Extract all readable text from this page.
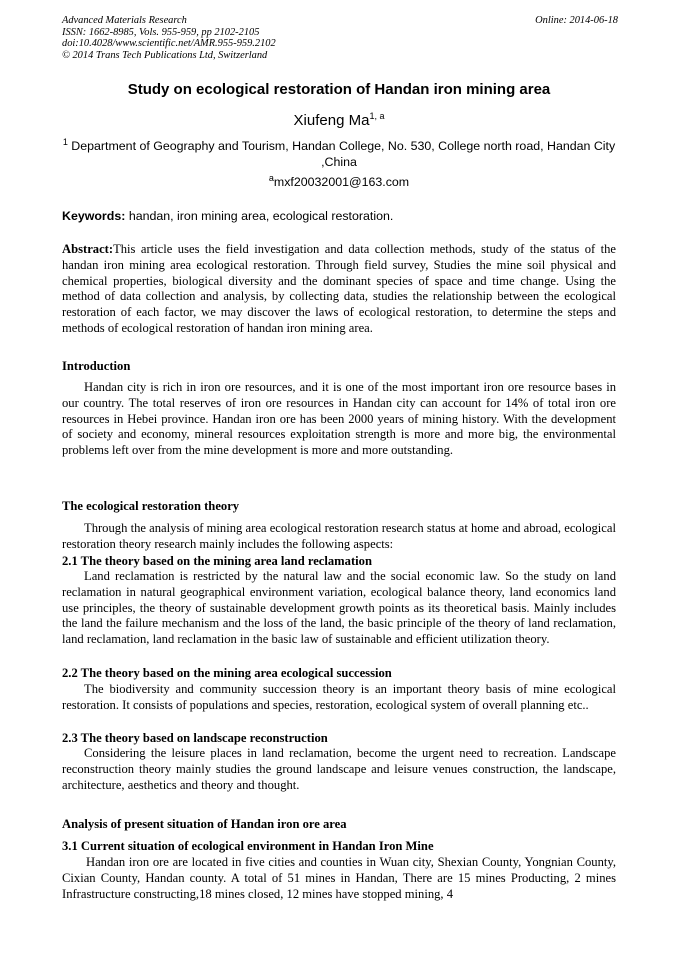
Advanced Materials Research
ISSN: 1662-8985, Vols. 955-959, pp 2102-2105
doi:10.4028/www.scientific.net/AMR.955-959.2102
© 2014 Trans Tech Publications Ltd, Switzerland
Online: 2014-06-18
Study on ecological restoration of Handan iron mining area
Xiufeng Ma$^{1, a}$
$^1$ Department of Geography and Tourism, Handan College, No. 530, College north road, Handan City ,China
$^a$mxf20032001@163.com
Keywords: handan, iron mining area, ecological restoration.
Abstract:This article uses the field investigation and data collection methods, study of the status of the handan iron mining area ecological restoration. Through field survey, Studies the mine soil physical and chemical properties, biological diversity and the dominant species of space and time change. Using the method of data collection and analysis, by collecting data, studies the relationship between the ecological restoration of each factor, we may discover the laws of ecological restoration, to determine the steps and methods of ecological restoration of handan iron mining area.
Introduction
Handan city is rich in iron ore resources, and it is one of the most important iron ore resource bases in our country. The total reserves of iron ore resources in Handan city can account for 14% of total iron ore resources in Hebei province. Handan iron ore has been 2000 years of mining history. With the development of society and economy, mineral resources exploitation strength is more and more big, the environmental problems left over from the mine development is more and more outstanding.
The ecological restoration theory
Through the analysis of mining area ecological restoration research status at home and abroad, ecological restoration theory research mainly includes the following aspects:
2.1 The theory based on the mining area land reclamation
Land reclamation is restricted by the natural law and the social economic law. So the study on land reclamation in natural geographical environment variation, ecological balance theory, land economics land use principles, the theory of sustainable development growth points as its theoretical basis. Mainly includes the land the failure mechanism and the loss of the land, the basic principle of the theory of land reclamation, land reclamation, land reclamation in the basic law of sustainable and efficient utilization theory.
2.2 The theory based on the mining area ecological succession
The biodiversity and community succession theory is an important theory basis of mine ecological restoration. It consists of populations and species, restoration, ecological system of overall planning etc..
2.3 The theory based on landscape reconstruction
Considering the leisure places in land reclamation, become the urgent need to recreation. Landscape reconstruction theory mainly studies the ground landscape and leisure venues construction, the landscape, architecture, aesthetics and theory and thought.
Analysis of present situation of Handan iron ore area
3.1 Current situation of ecological environment in Handan Iron Mine
Handan iron ore are located in five cities and counties in Wuan city, Shexian County, Yongnian County, Cixian County, Handan county. A total of 51 mines in Handan, There are 15 mines Producting, 2 mines Infrastructure constructing,18 mines closed, 12 mines have stopped mining, 4
